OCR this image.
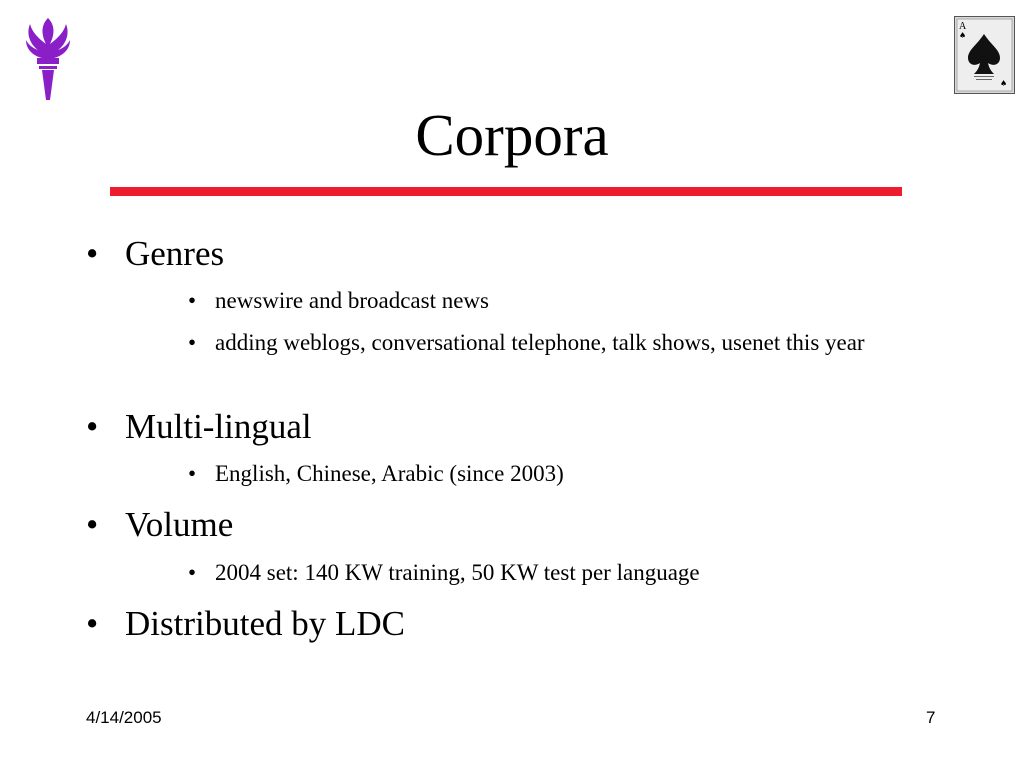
A
♠
♠
Corpora
• Genres
• newswire and broadcast news
• adding weblogs, conversational telephone, talk shows, usenet this year
• Multi-lingual
• English, Chinese, Arabic (since 2003)
• Volume
• 2004 set: 140 KW training, 50 KW test per language
• Distributed by LDC
4/14/2005	7
